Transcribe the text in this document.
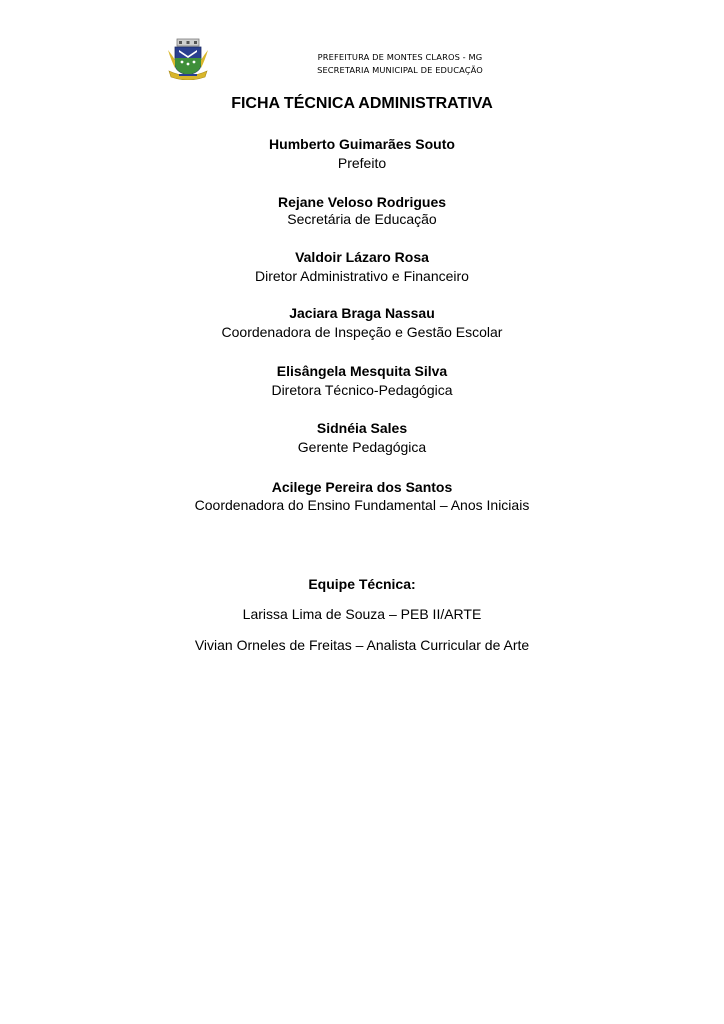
PREFEITURA DE MONTES CLAROS - MG
SECRETARIA MUNICIPAL DE EDUCAÇÃO
FICHA TÉCNICA ADMINISTRATIVA
Humberto Guimarães Souto
Prefeito
Rejane Veloso Rodrigues
Secretária de Educação
Valdoir Lázaro Rosa
Diretor Administrativo e Financeiro
Jaciara Braga Nassau
Coordenadora de Inspeção e Gestão Escolar
Elisângela Mesquita Silva
Diretora Técnico-Pedagógica
Sidnéia Sales
Gerente Pedagógica
Acilege Pereira dos Santos
Coordenadora do Ensino Fundamental – Anos Iniciais
Equipe Técnica:
Larissa Lima de Souza – PEB II/ARTE
Vivian Orneles de Freitas – Analista Curricular de Arte
